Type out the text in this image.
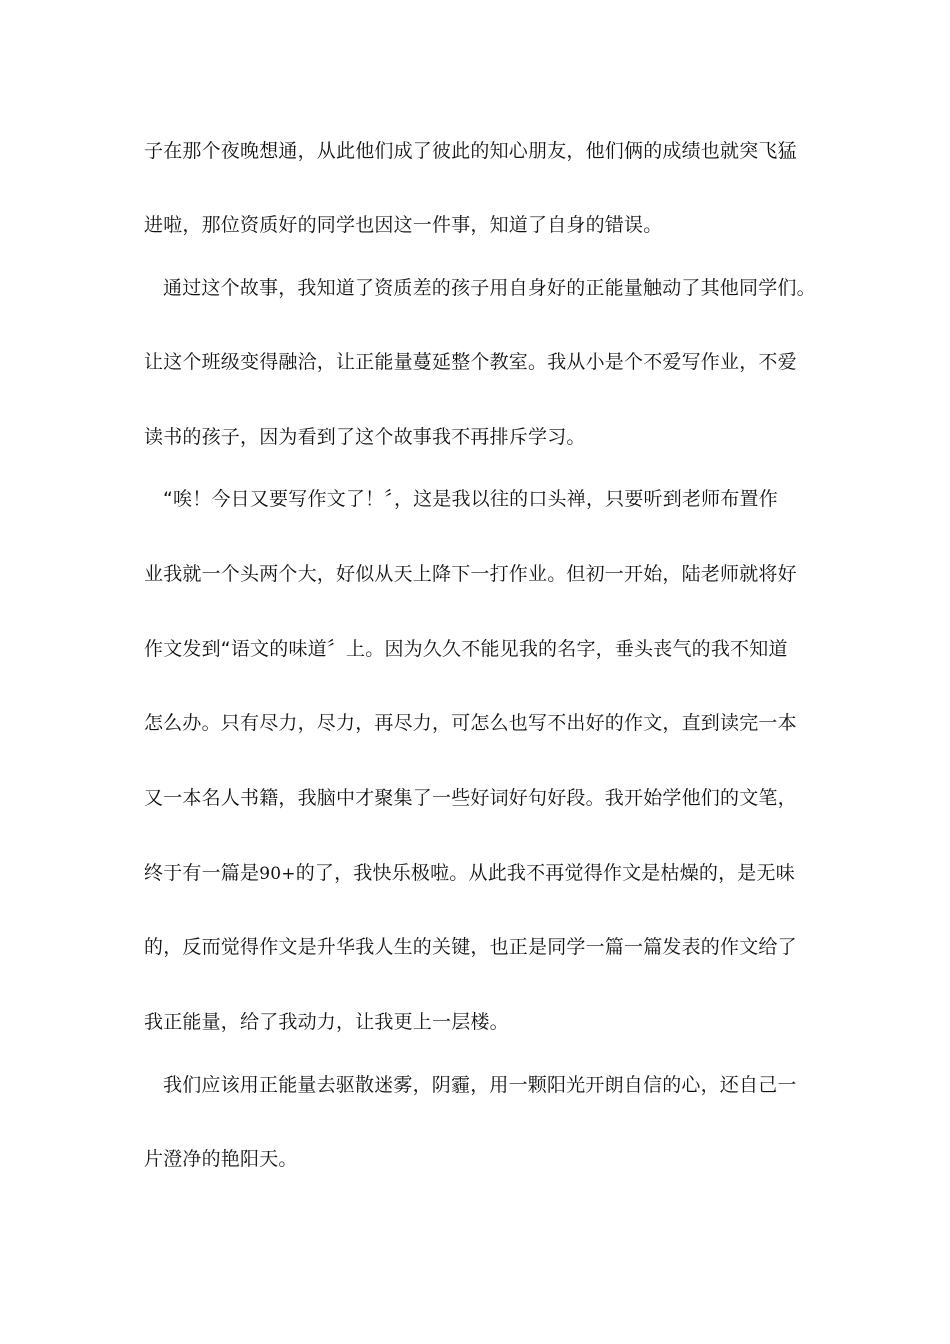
子在那个夜晚想通，从此他们成了彼此的知心朋友，他们俩的成绩也就突飞猛
进啦，那位资质好的同学也因这一件事，知道了自身的错误。
通过这个故事，我知道了资质差的孩子用自身好的正能量触动了其他同学们。
让这个班级变得融洽，让正能量蔓延整个教室。我从小是个不爱写作业，不爱
读书的孩子，因为看到了这个故事我不再排斥学习。
“唉！今日又要写作文了！〞，这是我以往的口头禅，只要听到老师布置作
业我就一个头两个大，好似从天上降下一打作业。但初一开始，陆老师就将好
作文发到“语文的味道〞上。因为久久不能见我的名字，垂头丧气的我不知道
怎么办。只有尽力，尽力，再尽力，可怎么也写不出好的作文，直到读完一本
又一本名人书籍，我脑中才聚集了一些好词好句好段。我开始学他们的文笔，
终于有一篇是90+的了，我快乐极啦。从此我不再觉得作文是枯燥的，是无味
的，反而觉得作文是升华我人生的关键，也正是同学一篇一篇发表的作文给了
我正能量，给了我动力，让我更上一层楼。
我们应该用正能量去驱散迷雾，阴霾，用一颗阳光开朗自信的心，还自己一
片澄净的艳阳天。
